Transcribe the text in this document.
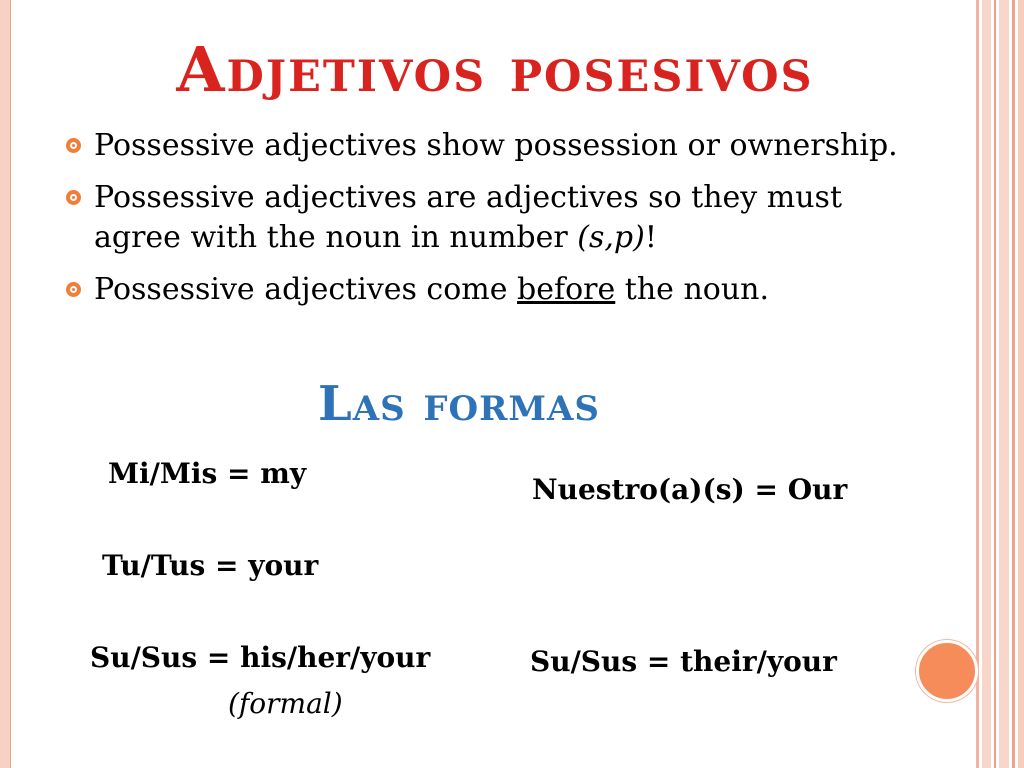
Adjetivos posesivos
Possessive adjectives show possession or ownership.
Possessive adjectives are adjectives so they must agree with the noun in number (s,p)!
Possessive adjectives come before the noun.
Las formas
Mi/Mis = my
Tu/Tus = your
Su/Sus = his/her/your
(formal)
Nuestro(a)(s) = Our
Su/Sus = their/your
